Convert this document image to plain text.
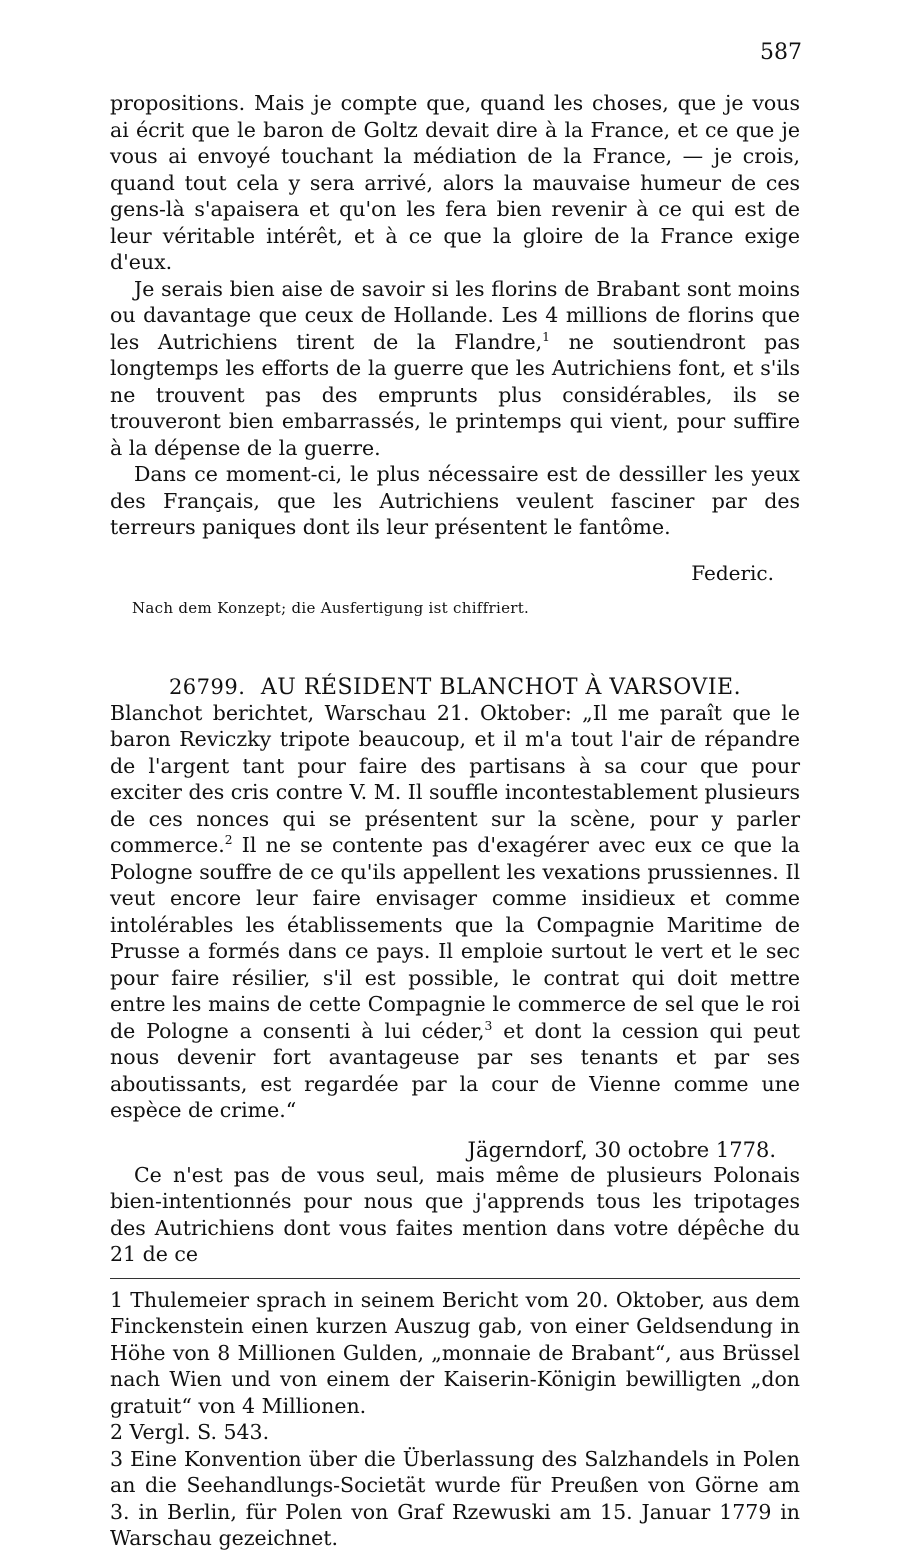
587

propositions. Mais je compte que, quand les choses, que je vous ai écrit que le baron de Goltz devait dire à la France, et ce que je vous ai envoyé touchant la médiation de la France, — je crois, quand tout cela y sera arrivé, alors la mauvaise humeur de ces gens-là s'apaisera et qu'on les fera bien revenir à ce qui est de leur véritable intérêt, et à ce que la gloire de la France exige d'eux.

Je serais bien aise de savoir si les florins de Brabant sont moins ou davantage que ceux de Hollande. Les 4 millions de florins que les Autrichiens tirent de la Flandre,$^1$ ne soutiendront pas longtemps les efforts de la guerre que les Autrichiens font, et s'ils ne trouvent pas des emprunts plus considérables, ils se trouveront bien embarrassés, le printemps qui vient, pour suffire à la dépense de la guerre.

Dans ce moment-ci, le plus nécessaire est de dessiller les yeux des Français, que les Autrichiens veulent fasciner par des terreurs paniques dont ils leur présentent le fantôme.

Federic.
Nach dem Konzept; die Ausfertigung ist chiffriert.
26799. AU RÉSIDENT BLANCHOT À VARSOVIE.

Blanchot berichtet, Warschau 21. Oktober: „Il me paraît que le baron Reviczky tripote beaucoup, et il m'a tout l'air de répandre de l'argent tant pour faire des partisans à sa cour que pour exciter des cris contre V. M. Il souffle incontestablement plusieurs de ces nonces qui se présentent sur la scène, pour y parler commerce.$^2$ Il ne se contente pas d'exagérer avec eux ce que la Pologne souffre de ce qu'ils appellent les vexations prussiennes. Il veut encore leur faire envisager comme insidieux et comme intolérables les établissements que la Compagnie Maritime de Prusse a formés dans ce pays. Il emploie surtout le vert et le sec pour faire résilier, s'il est possible, le contrat qui doit mettre entre les mains de cette Compagnie le commerce de sel que le roi de Pologne a consenti à lui céder,$^3$ et dont la cession qui peut nous devenir fort avantageuse par ses tenants et par ses aboutissants, est regardée par la cour de Vienne comme une espèce de crime.“

Jägerndorf, 30 octobre 1778.

Ce n'est pas de vous seul, mais même de plusieurs Polonais bien-intentionnés pour nous que j'apprends tous les tripotages des Autrichiens dont vous faites mention dans votre dépêche du 21 de ce

1 Thulemeier sprach in seinem Bericht vom 20. Oktober, aus dem Finckenstein einen kurzen Auszug gab, von einer Geldsendung in Höhe von 8 Millionen Gulden, „monnaie de Brabant“, aus Brüssel nach Wien und von einem der Kaiserin-Königin bewilligten „don gratuit“ von 4 Millionen.

2 Vergl. S. 543.

3 Eine Konvention über die Überlassung des Salzhandels in Polen an die Seehandlungs-Societät wurde für Preußen von Görne am 3. in Berlin, für Polen von Graf Rzewuski am 15. Januar 1779 in Warschau gezeichnet.
